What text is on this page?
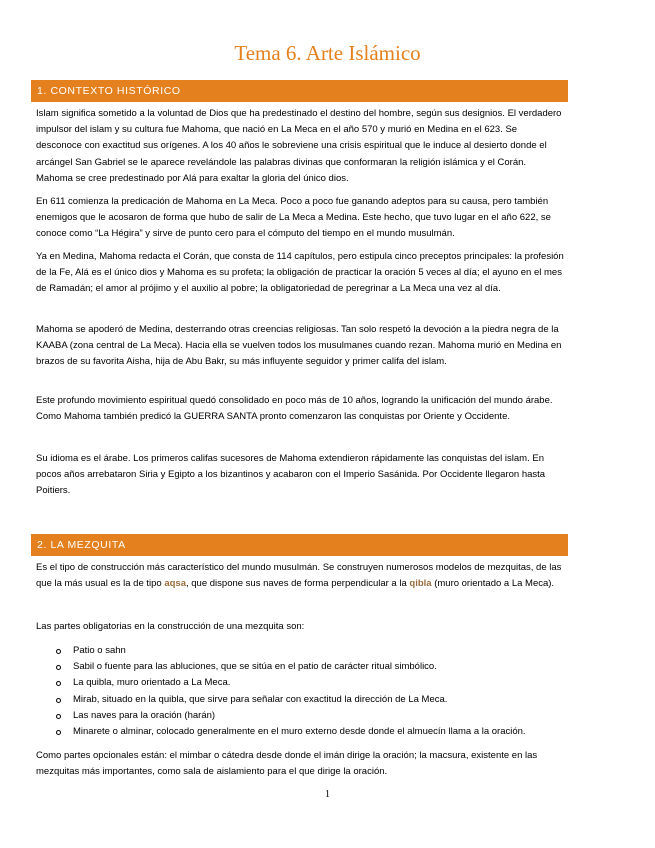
Tema 6. Arte Islámico
1. CONTEXTO HISTÓRICO

Islam significa sometido a la voluntad de Dios que ha predestinado el destino del hombre, según sus designios. El verdadero impulsor del islam y su cultura fue Mahoma, que nació en La Meca en el año 570 y murió en Medina en el 623. Se desconoce con exactitud sus orígenes. A los 40 años le sobreviene una crisis espiritual que le induce al desierto donde el arcángel San Gabriel se le aparece revelándole las palabras divinas que conformaran la religión islámica y el Corán. Mahoma se cree predestinado por Alá para exaltar la gloria del único dios.

En 611 comienza la predicación de Mahoma en La Meca. Poco a poco fue ganando adeptos para su causa, pero también enemigos que le acosaron de forma que hubo de salir de La Meca a Medina. Este hecho, que tuvo lugar en el año 622, se conoce como “La Hégira” y sirve de punto cero para el cómputo del tiempo en el mundo musulmán.

Ya en Medina, Mahoma redacta el Corán, que consta de 114 capítulos, pero estipula cinco preceptos principales: la profesión de la Fe, Alá es el único dios y Mahoma es su profeta; la obligación de practicar la oración 5 veces al día; el ayuno en el mes de Ramadán; el amor al prójimo y el auxilio al pobre; la obligatoriedad de peregrinar a La Meca una vez al día.

Mahoma se apoderó de Medina, desterrando otras creencias religiosas. Tan solo respetó la devoción a la piedra negra de la KAABA (zona central de La Meca). Hacia ella se vuelven todos los musulmanes cuando rezan. Mahoma murió en Medina en brazos de su favorita Aisha, hija de Abu Bakr, su más influyente seguidor y primer califa del islam.

Este profundo movimiento espiritual quedó consolidado en poco más de 10 años, logrando la unificación del mundo árabe. Como Mahoma también predicó la GUERRA SANTA pronto comenzaron las conquistas por Oriente y Occidente.

Su idioma es el árabe. Los primeros califas sucesores de Mahoma extendieron rápidamente las conquistas del islam. En pocos años arrebataron Siria y Egipto a los bizantinos y acabaron con el Imperio Sasánida. Por Occidente llegaron hasta Poitiers.

2. LA MEZQUITA

Es el tipo de construcción más característico del mundo musulmán. Se construyen numerosos modelos de mezquitas, de las que la más usual es la de tipo aqsa, que dispone sus naves de forma perpendicular a la qibla (muro orientado a La Meca).

Las partes obligatorias en la construcción de una mezquita son:

Patio o sahn
Sabil o fuente para las abluciones, que se sitúa en el patio de carácter ritual simbólico.
La quibla, muro orientado a La Meca.
Mirab, situado en la quibla, que sirve para señalar con exactitud la dirección de La Meca.
Las naves para la oración (harán)
Minarete o alminar, colocado generalmente en el muro externo desde donde el almuecín llama a la oración.

Como partes opcionales están: el mimbar o cátedra desde donde el imán dirige la oración; la macsura, existente en las mezquitas más importantes, como sala de aislamiento para el que dirige la oración.

1
